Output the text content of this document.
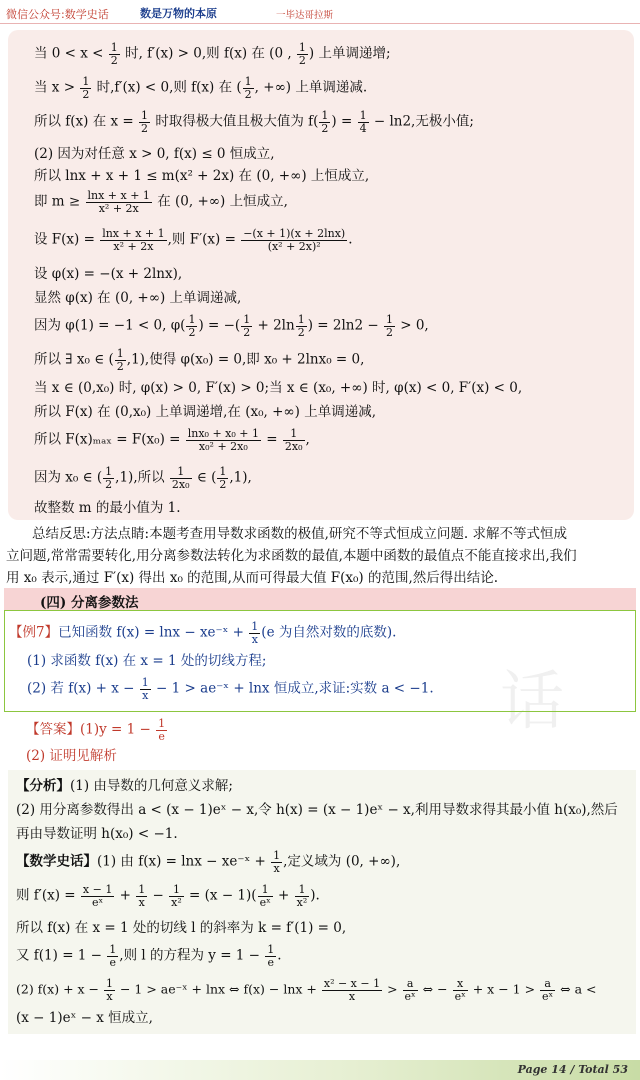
微信公众号:数学史话	数是万物的本原	一毕达哥拉斯
当 $0 < x < \frac{1}{2}$ 时, f′(x) > 0,则 f(x) 在 (0 , $\frac{1}{2}$ ) 上单调递增;
当 $x > \frac{1}{2}$ 时,f′(x) < 0,则 f(x) 在 ( $\frac{1}{2}$ , +∞) 上单调递减.
所以 f(x) 在 $x = \frac{1}{2}$ 时取得极大值且极大值为 $f( \frac{1}{2}$ ) = $\frac{1}{4} - \ln 2$,无极小值;
(2) 因为对任意 x > 0, f(x) ≤ 0 恒成立,
所以 lnx + x + 1 ≤ m(x² + 2x) 在 (0, +∞) 上恒成立,
即 $m \ge \frac{\ln x + x + 1}{\text{x² + 2x}}$ 在 (0, +∞) 上恒成立,
设 $F(x) = \frac{\ln x + x + 1}{\text{x² + 2x}}$ ,则 $F'(x) = \frac{-(x + 1)(x + 2\ln x)}{\text{(x² + 2x)²}}$ .
设 φ(x) = −(x + 2lnx),
显然 φ(x) 在 (0, +∞) 上单调递减,
因为 φ(1) = −1 < 0, $\varphi( \frac{1}{2}$ ) = −( $\frac{1}{2} + 2\ln \frac{1}{2}$ ) = $2\ln 2 - \frac{1}{2} > 0$,
所以 ∃ x₀ ∈ ( $\frac{1}{2} ,1$),使得 φ(x₀) = 0,即 x₀ + 2lnx₀ = 0,
当 x ∈ (0,x₀) 时, φ(x) > 0, F′(x) > 0;当 x ∈ (x₀, +∞) 时, φ(x) < 0, F′(x) < 0,
所以 F(x) 在 (0,x₀) 上单调递增,在 (x₀, +∞) 上单调递减,
所以 $F(x)_{max} = F(x_0) = \frac{\text{lnx₀ + x₀ + 1}}{\text{x₀² + 2x₀}} = \frac{1}{\text{2x₀}}$ ,
因为 x₀ ∈ ( $\frac{1}{2} ,1$),所以 $\frac{1}{\text{2x₀}}$ ∈ ( $\frac{1}{2} ,1$),
故整数 m 的最小值为 1.
总结反思:方法点睛:本题考查用导数求函数的极值,研究不等式恒成立问题. 求解不等式恒成
立问题,常常需要转化,用分离参数法转化为求函数的最值,本题中函数的最值点不能直接求出,我们
用 x₀ 表示,通过 F′(x) 得出 x₀ 的范围,从而可得最大值 F(x₀) 的范围,然后得出结论.
(四) 分离参数法
话
【例7】已知函数 f(x) = lnx − xe⁻ˣ + $\frac{1}{x} (e$ 为自然对数的底数).
(1) 求函数 f(x) 在 x = 1 处的切线方程;
(2) 若 $f(x) + x - \frac{1}{x} - 1$ > ae⁻ˣ + lnx 恒成立,求证:实数 a < −1.
【答案】$(1)y = 1 - \frac{1}{e}$
(2) 证明见解析
【分析】(1) 由导数的几何意义求解;
(2) 用分离参数得出 a < (x − 1)eˣ − x,令 h(x) = (x − 1)eˣ − x,利用导数求得其最小值 h(x₀),然后
再由导数证明 h(x₀) < −1.
【数学史话】(1) 由 f(x) = lnx − xe⁻ˣ + $\frac{1}{x}$ ,定义域为 (0, +∞),
则 $f'(x) = \frac{x - 1}{\text{eˣ}} + \frac{1}{x} - \frac{1}{\text{x²}} = (x - 1)( \frac{1}{\text{eˣ}} + \frac{1}{\text{x²}}$ ).
所以 f(x) 在 x = 1 处的切线 l 的斜率为 k = f′(1) = 0,
又 $f(1) = 1 - \frac{1}{e}$ ,则 l 的方程为 $y = 1 - \frac{1}{e}$ .
(2) $f(x) + x - \frac{1}{x} - 1$ > ae⁻ˣ + lnx ⇔ $f(x) - \ln x + \frac{\text{x² − x − 1}}{x} > \frac{a}{\text{eˣ}}$ ⇔ − $\frac{x}{\text{eˣ}} + x - 1 > \frac{a}{\text{eˣ}}$ ⇔ a <
(x − 1)eˣ − x 恒成立,
Page 14 / Total 53
